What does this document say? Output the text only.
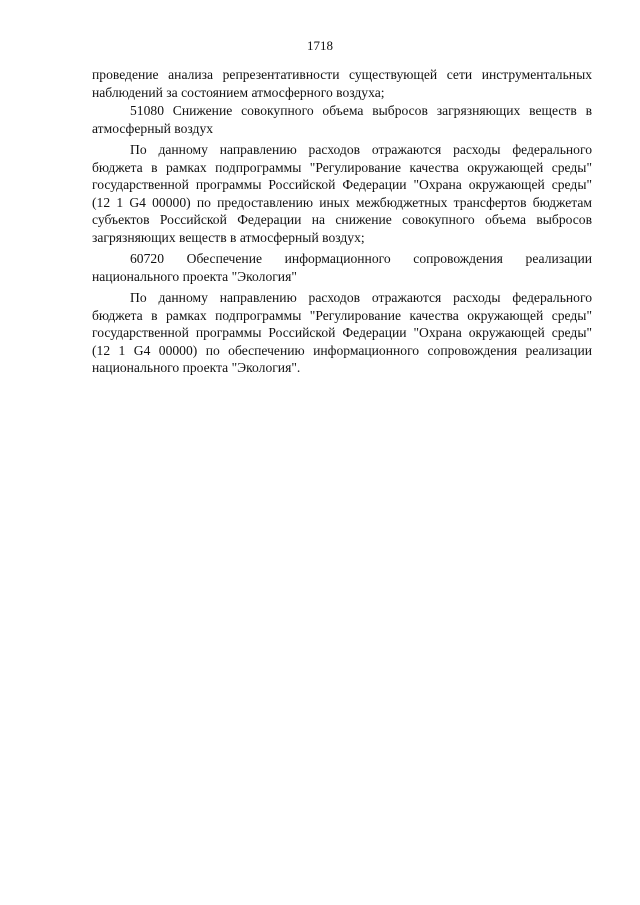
1718

проведение анализа репрезентативности существующей сети инструментальных наблюдений за состоянием атмосферного воздуха;

51080 Снижение совокупного объема выбросов загрязняющих веществ в атмосферный воздух

По данному направлению расходов отражаются расходы федерального бюджета в рамках подпрограммы "Регулирование качества окружающей среды" государственной программы Российской Федерации "Охрана окружающей среды" (12 1 G4 00000) по предоставлению иных межбюджетных трансфертов бюджетам субъектов Российской Федерации на снижение совокупного объема выбросов загрязняющих веществ в атмосферный воздух;

60720 Обеспечение информационного сопровождения реализации национального проекта "Экология"

По данному направлению расходов отражаются расходы федерального бюджета в рамках подпрограммы "Регулирование качества окружающей среды" государственной программы Российской Федерации "Охрана окружающей среды" (12 1 G4 00000) по обеспечению информационного сопровождения реализации национального проекта "Экология".
